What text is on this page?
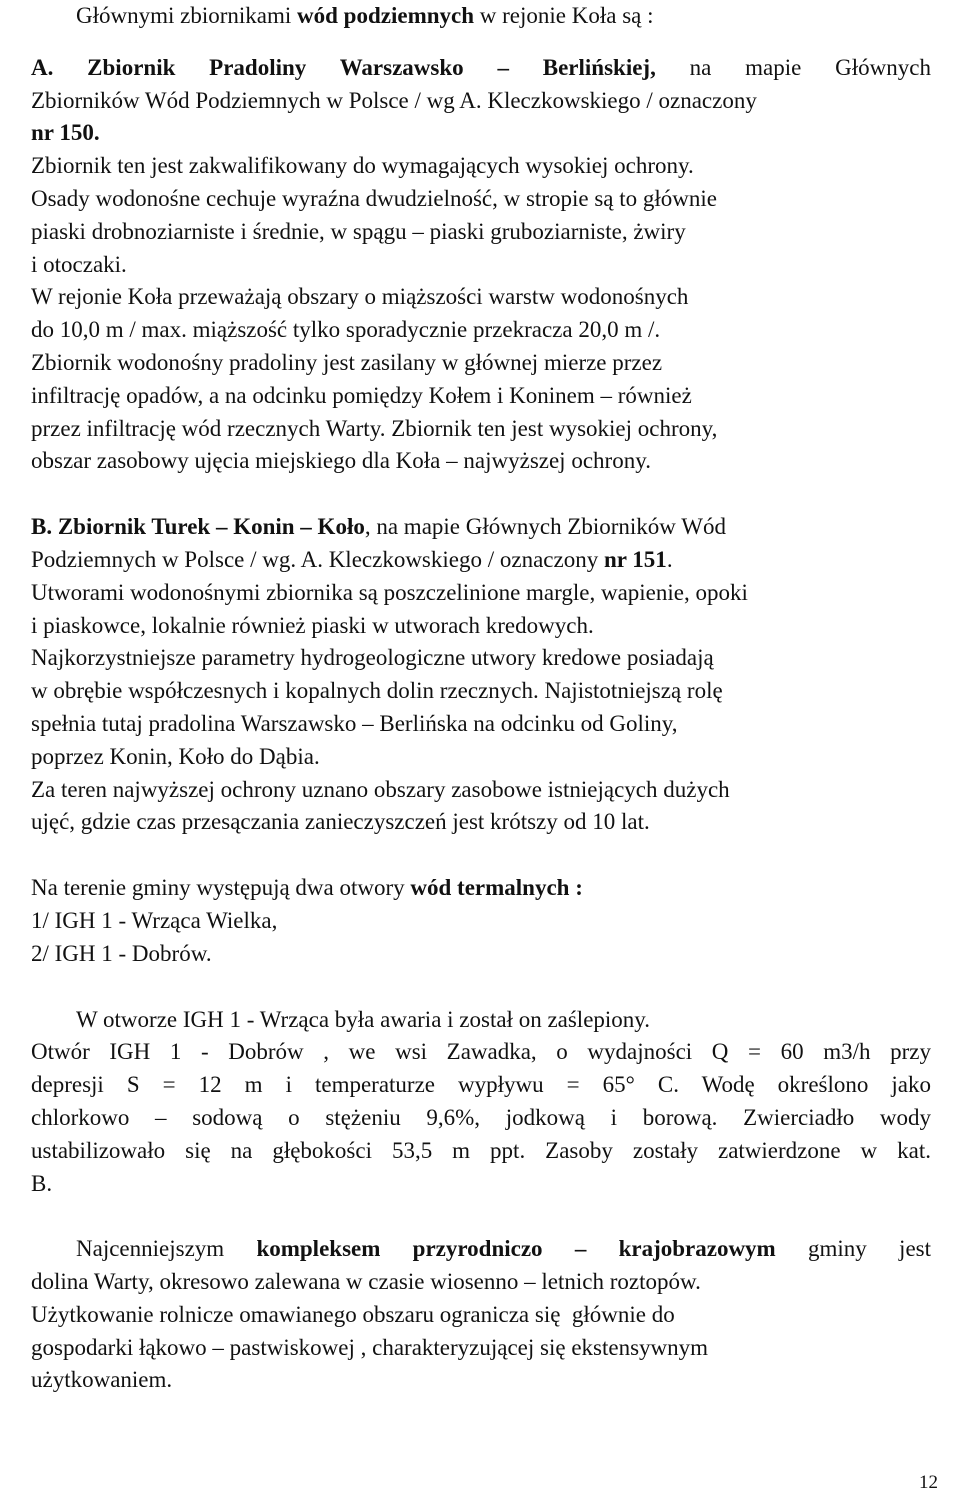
Głównymi zbiornikami wód podziemnych w rejonie Koła są :
A. Zbiornik Pradoliny Warszawsko – Berlińskiej, na mapie Głównych
Zbiorników Wód Podziemnych w Polsce / wg A. Kleczkowskiego / oznaczony
nr 150.
Zbiornik ten jest zakwalifikowany do wymagających wysokiej ochrony.
Osady wodonośne cechuje wyraźna dwudzielność, w stropie są to głównie
piaski drobnoziarniste i średnie, w spągu – piaski gruboziarniste, żwiry
i otoczaki.
W rejonie Koła przeważają obszary o miąższości warstw wodonośnych
do 10,0 m / max. miąższość tylko sporadycznie przekracza 20,0 m /.
Zbiornik wodonośny pradoliny jest zasilany w głównej mierze przez
infiltrację opadów, a na odcinku pomiędzy Kołem i Koninem – również
przez infiltrację wód rzecznych Warty. Zbiornik ten jest wysokiej ochrony,
obszar zasobowy ujęcia miejskiego dla Koła – najwyższej ochrony.
B. Zbiornik Turek – Konin – Koło, na mapie Głównych Zbiorników Wód
Podziemnych w Polsce / wg. A. Kleczkowskiego / oznaczony nr 151.
Utworami wodonośnymi zbiornika są poszczelinione margle, wapienie, opoki
i piaskowce, lokalnie również piaski w utworach kredowych.
Najkorzystniejsze parametry hydrogeologiczne utwory kredowe posiadają
w obrębie współczesnych i kopalnych dolin rzecznych. Najistotniejszą rolę
spełnia tutaj pradolina Warszawsko – Berlińska na odcinku od Goliny,
poprzez Konin, Koło do Dąbia.
Za teren najwyższej ochrony uznano obszary zasobowe istniejących dużych
ujęć, gdzie czas przesączania zanieczyszczeń jest krótszy od 10 lat.
Na terenie gminy występują dwa otwory wód termalnych :
1/ IGH 1 - Wrząca Wielka,
2/ IGH 1 - Dobrów.
W otworze IGH 1 - Wrząca była awaria i został on zaślepiony.
Otwór IGH 1 - Dobrów , we wsi Zawadka, o wydajności Q = 60 m3/h przy
depresji S = 12 m i temperaturze wypływu = 65° C. Wodę określono jako
chlorkowo – sodową o stężeniu 9,6%, jodkową i borową. Zwierciadło wody
ustabilizowało się na głębokości 53,5 m ppt. Zasoby zostały zatwierdzone w kat.
B.
Najcenniejszym kompleksem przyrodniczo – krajobrazowym gminy jest
dolina Warty, okresowo zalewana w czasie wiosenno – letnich roztopów.
Użytkowanie rolnicze omawianego obszaru ogranicza się  głównie do
gospodarki łąkowo – pastwiskowej , charakteryzującej się ekstensywnym
użytkowaniem.
12
